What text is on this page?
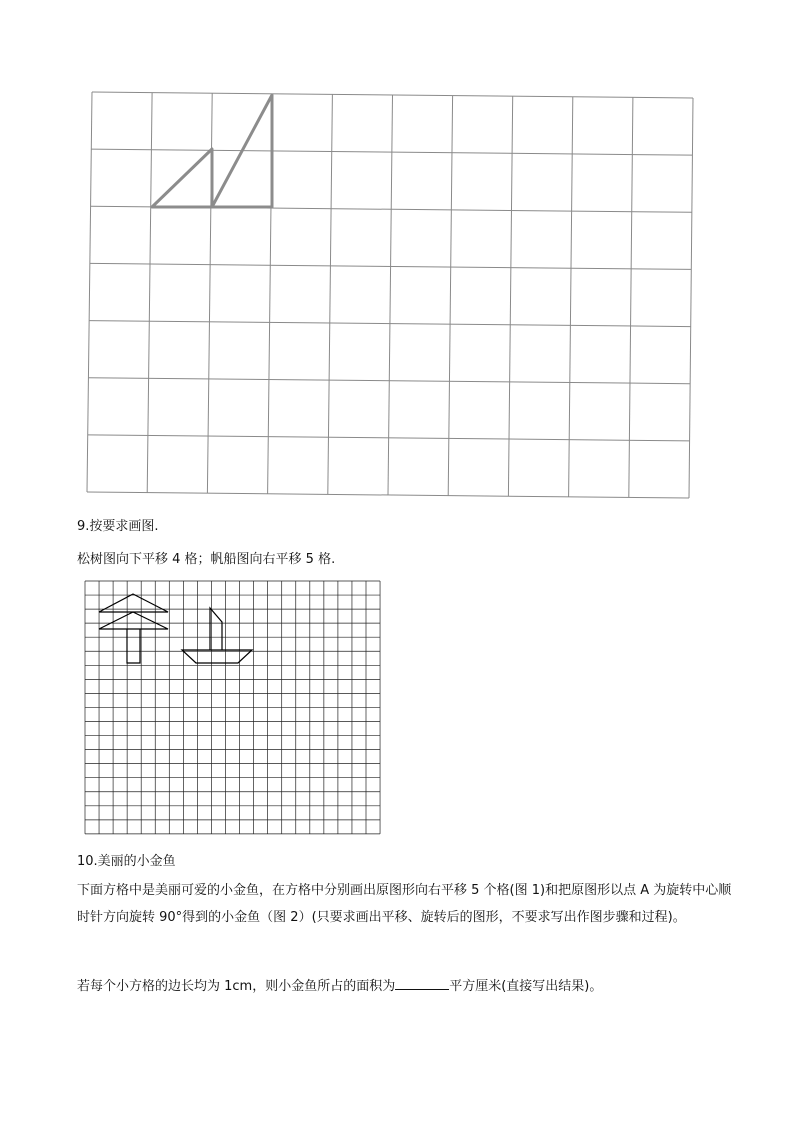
9.按要求画图.
松树图向下平移 4 格；帆船图向右平移 5 格.
10.美丽的小金鱼
下面方格中是美丽可爱的小金鱼，在方格中分别画出原图形向右平移 5 个格(图 1)和把原图形以点 A 为旋转中心顺时针方向旋转 90°得到的小金鱼（图 2）(只要求画出平移、旋转后的图形，不要求写出作图步骤和过程)。
若每个小方格的边长均为 1cm，则小金鱼所占的面积为	平方厘米(直接写出结果)。
